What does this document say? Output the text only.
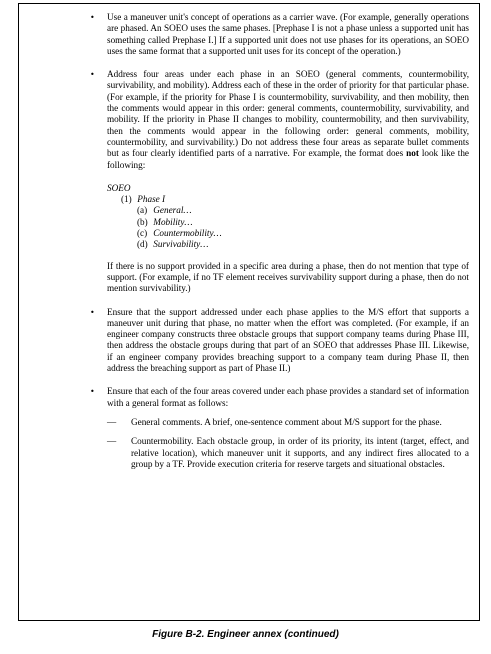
• Use a maneuver unit's concept of operations as a carrier wave. (For example, generally operations are phased. An SOEO uses the same phases. [Prephase I is not a phase unless a supported unit has something called Prephase I.] If a supported unit does not use phases for its operations, an SOEO uses the same format that a supported unit uses for its concept of the operation.)

• Address four areas under each phase in an SOEO (general comments, countermobility, survivability, and mobility). Address each of these in the order of priority for that particular phase. (For example, if the priority for Phase I is countermobility, survivability, and then mobility, then the comments would appear in this order: general comments, countermobility, survivability, and mobility. If the priority in Phase II changes to mobility, countermobility, and then survivability, then the comments would appear in the following order: general comments, mobility, countermobility, and survivability.) Do not address these four areas as separate bullet comments but as four clearly identified parts of a narrative. For example, the format does not look like the following:

SOEO
(1) Phase I
(a) General…
(b) Mobility…
(c) Countermobility…
(d) Survivability…

If there is no support provided in a specific area during a phase, then do not mention that type of support. (For example, if no TF element receives survivability support during a phase, then do not mention survivability.)

• Ensure that the support addressed under each phase applies to the M/S effort that supports a maneuver unit during that phase, no matter when the effort was completed. (For example, if an engineer company constructs three obstacle groups that support company teams during Phase III, then address the obstacle groups during that part of an SOEO that addresses Phase III. Likewise, if an engineer company provides breaching support to a company team during Phase II, then address the breaching support as part of Phase II.)

• Ensure that each of the four areas covered under each phase provides a standard set of information with a general format as follows:

— General comments. A brief, one-sentence comment about M/S support for the phase.
— Countermobility. Each obstacle group, in order of its priority, its intent (target, effect, and relative location), which maneuver unit it supports, and any indirect fires allocated to a group by a TF. Provide execution criteria for reserve targets and situational obstacles.
Figure B-2. Engineer annex (continued)
